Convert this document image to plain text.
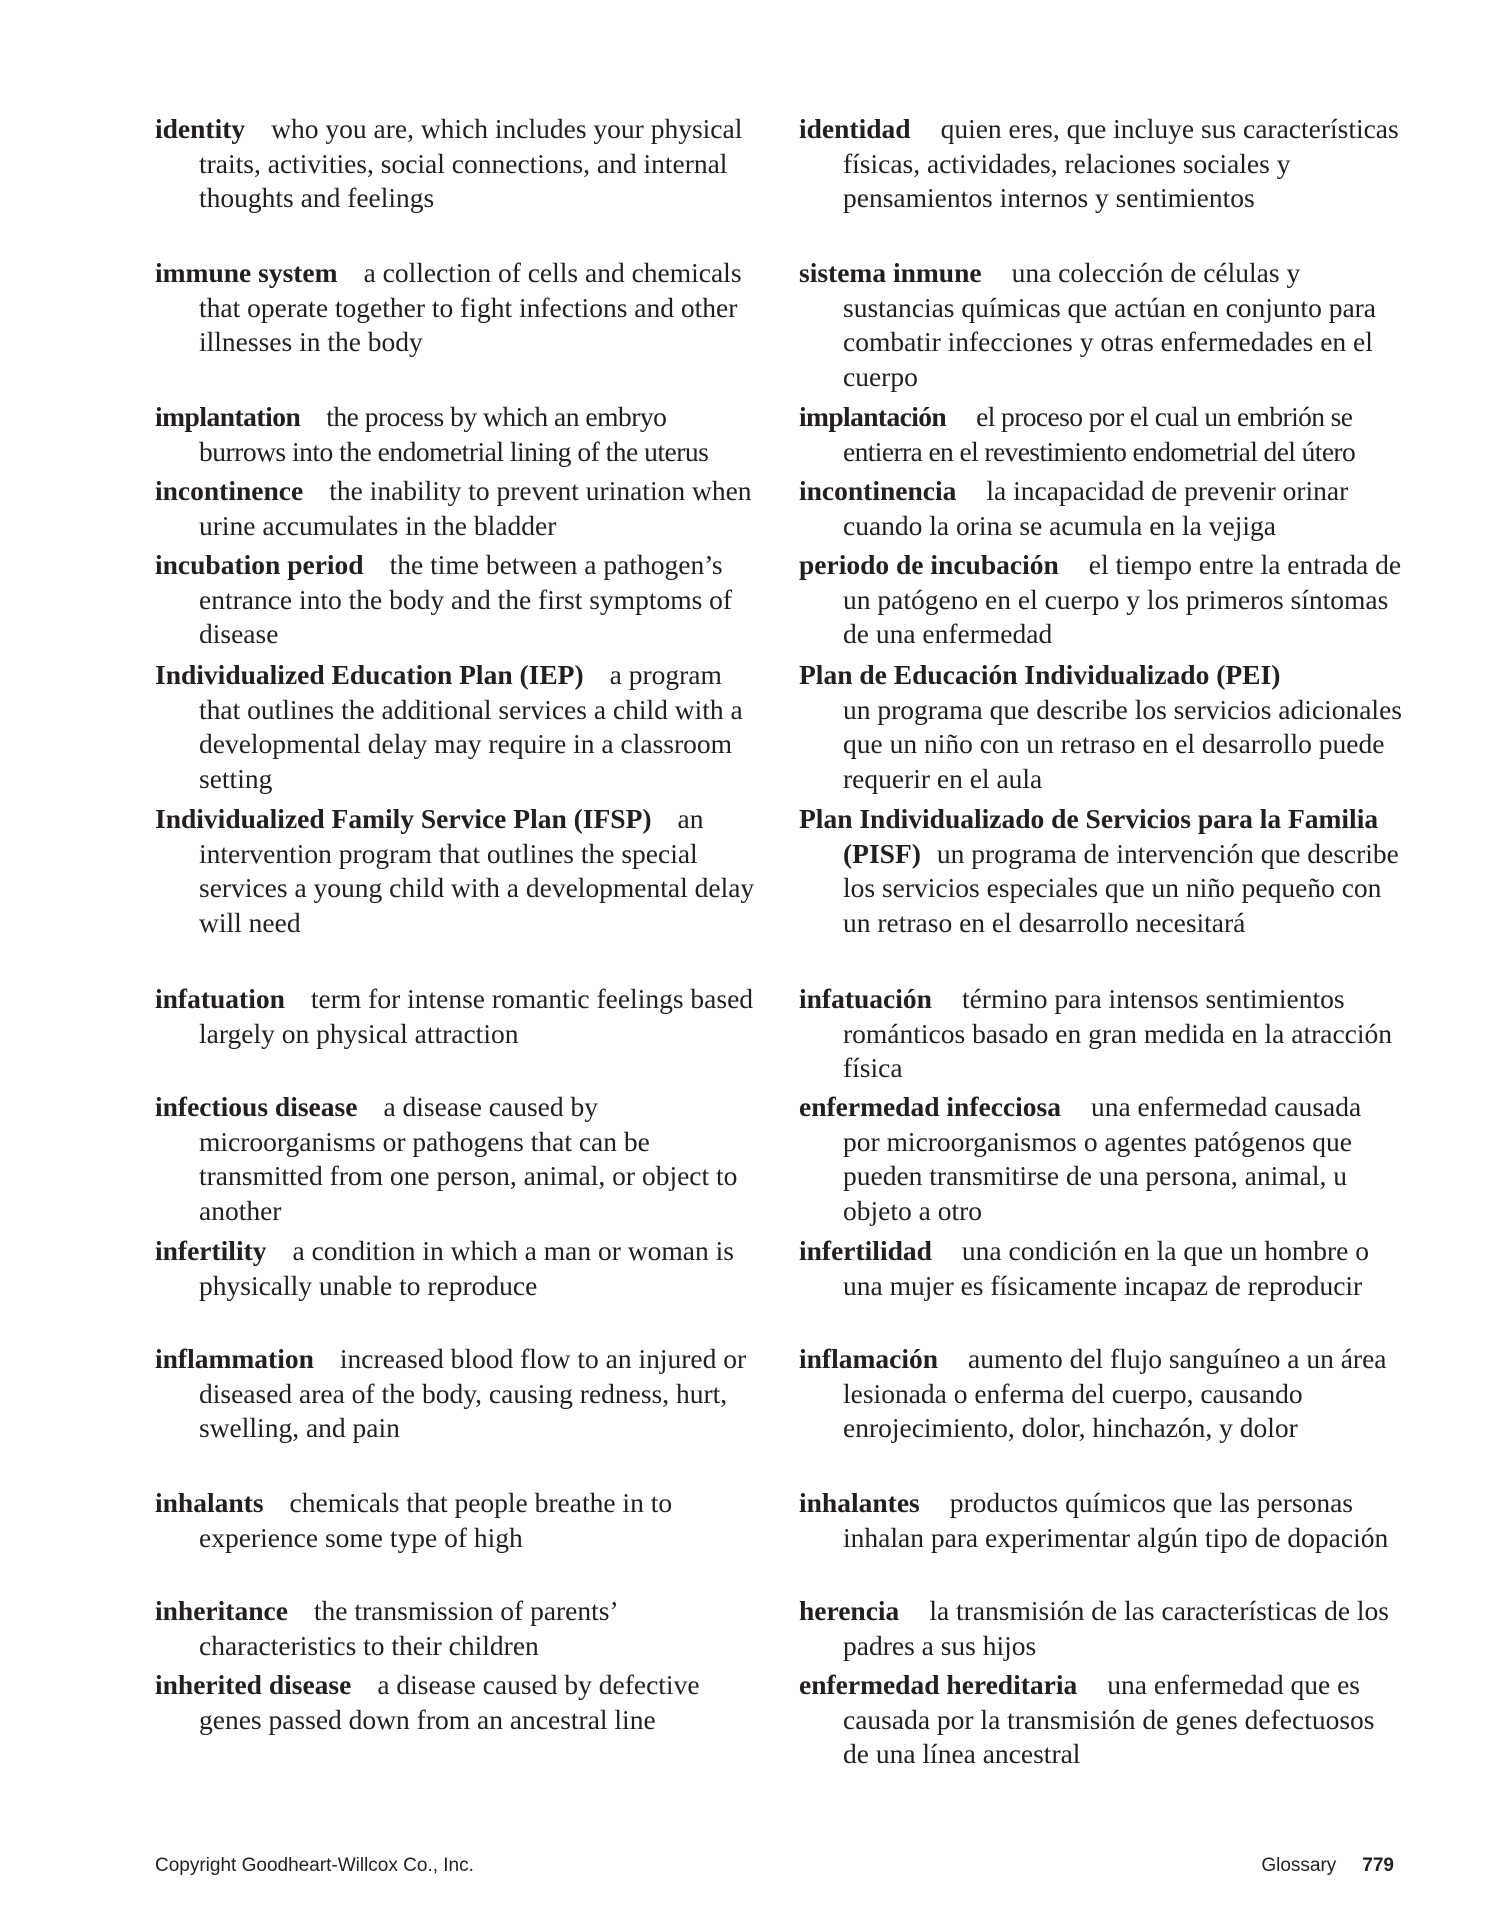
identity who you are, which includes your physical traits, activities, social connections, and internal thoughts and feelings

immune system a collection of cells and chemicals that operate together to fight infections and other illnesses in the body

implantation the process by which an embryo burrows into the endometrial lining of the uterus

incontinence the inability to prevent urination when urine accumulates in the bladder

incubation period the time between a pathogen’s entrance into the body and the first symptoms of disease

Individualized Education Plan (IEP) a program that outlines the additional services a child with a developmental delay may require in a classroom setting

Individualized Family Service Plan (IFSP) an intervention program that outlines the special services a young child with a developmental delay will need

infatuation term for intense romantic feelings based largely on physical attraction

infectious disease a disease caused by microorganisms or pathogens that can be transmitted from one person, animal, or object to another

infertility a condition in which a man or woman is physically unable to reproduce

inflammation increased blood flow to an injured or diseased area of the body, causing redness, hurt, swelling, and pain

inhalants chemicals that people breathe in to experience some type of high

inheritance the transmission of parents’ characteristics to their children

inherited disease a disease caused by defective genes passed down from an ancestral line

identidad quien eres, que incluye sus características físicas, actividades, relaciones sociales y pensamientos internos y sentimientos

sistema inmune una colección de células y sustancias químicas que actúan en conjunto para combatir infecciones y otras enfermedades en el cuerpo

implantación el proceso por el cual un embrión se entierra en el revestimiento endometrial del útero

incontinencia la incapacidad de prevenir orinar cuando la orina se acumula en la vejiga

periodo de incubación el tiempo entre la entrada de un patógeno en el cuerpo y los primeros síntomas de una enfermedad

Plan de Educación Individualizado (PEI)
un programa que describe los servicios adicionales que un niño con un retraso en el desarrollo puede requerir en el aula

Plan Individualizado de Servicios para la Familia (PISF) un programa de intervención que describe los servicios especiales que un niño pequeño con un retraso en el desarrollo necesitará

infatuación término para intensos sentimientos románticos basado en gran medida en la atracción física

enfermedad infecciosa una enfermedad causada por microorganismos o agentes patógenos que pueden transmitirse de una persona, animal, u objeto a otro

infertilidad una condición en la que un hombre o una mujer es físicamente incapaz de reproducir

inflamación aumento del flujo sanguíneo a un área lesionada o enferma del cuerpo, causando enrojecimiento, dolor, hinchazón, y dolor

inhalantes productos químicos que las personas inhalan para experimentar algún tipo de dopación

herencia la transmisión de las características de los padres a sus hijos

enfermedad hereditaria una enfermedad que es causada por la transmisión de genes defectuosos de una línea ancestral

Copyright Goodheart-Willcox Co., Inc.	Glossary 779
